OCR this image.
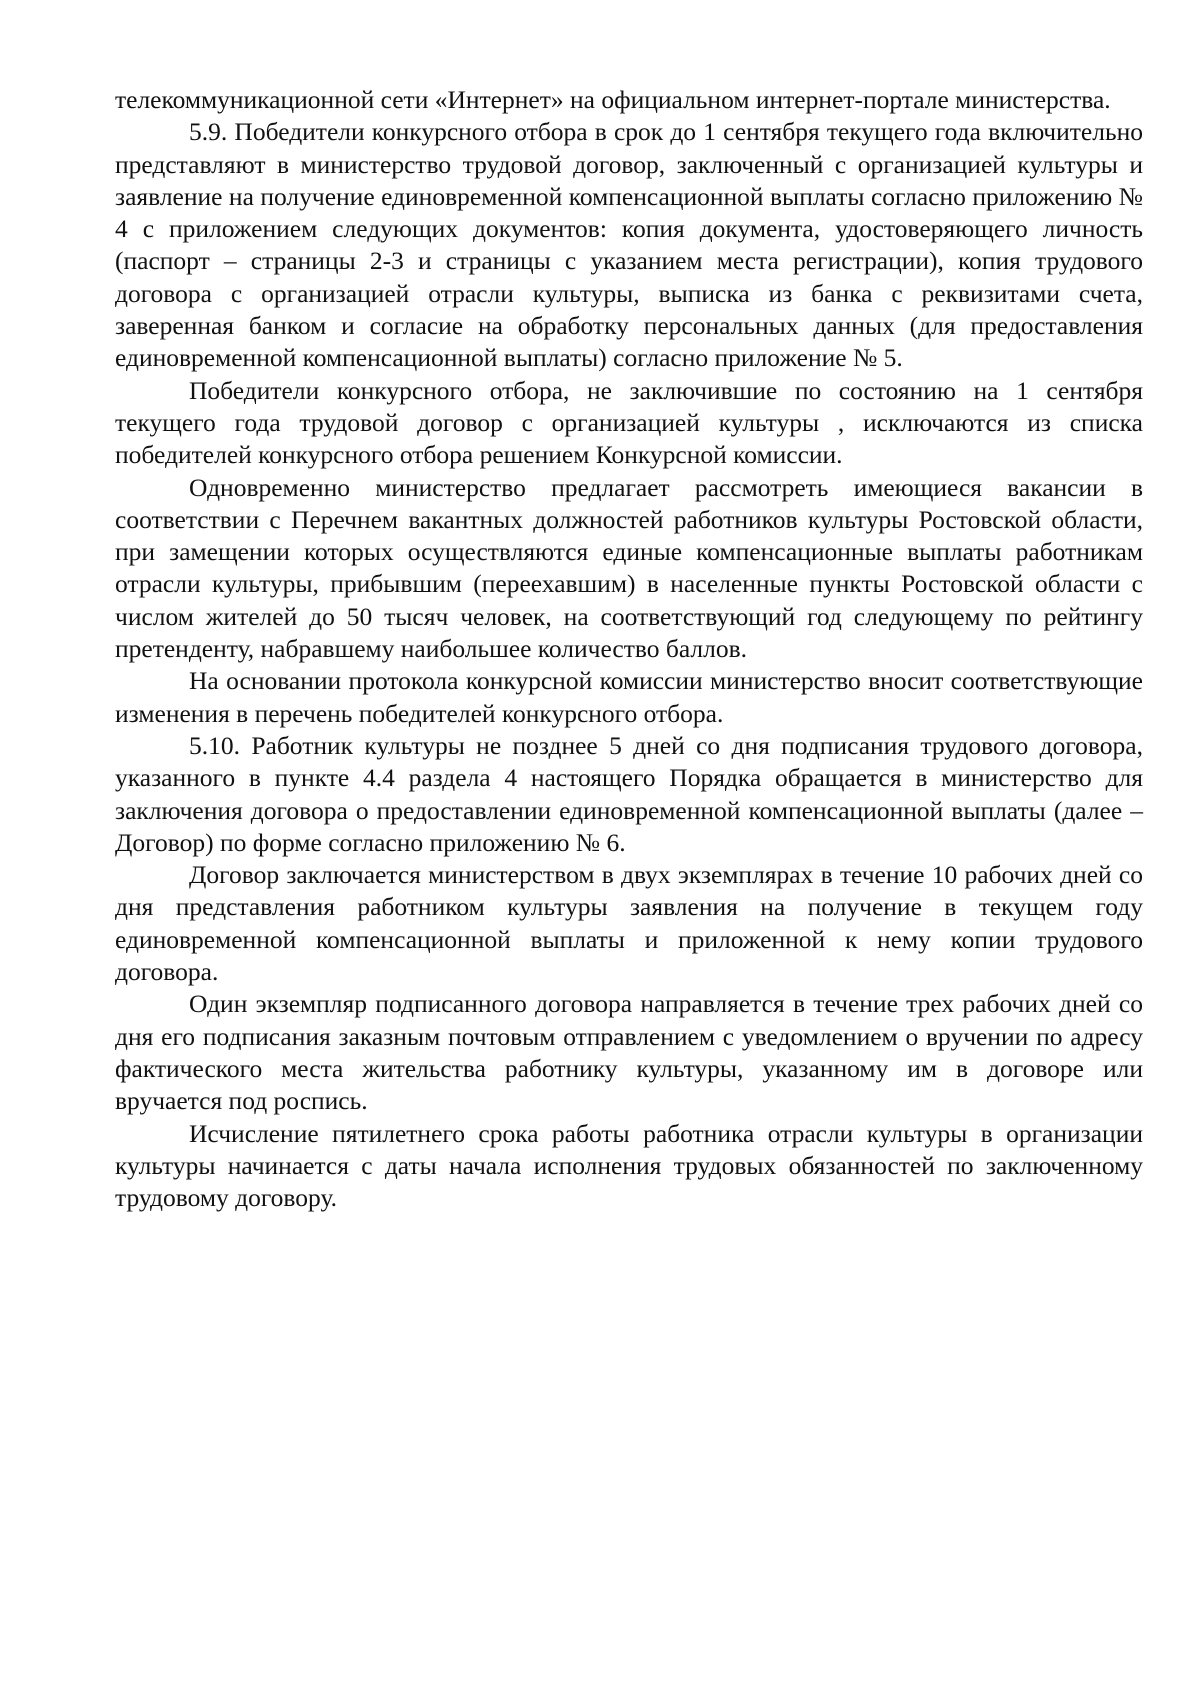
телекоммуникационной сети «Интернет» на официальном интернет-портале министерства.

5.9. Победители конкурсного отбора в срок до 1 сентября текущего года включительно представляют в министерство трудовой договор, заключенный с организацией культуры и заявление на получение единовременной компенсационной выплаты согласно приложению № 4 с приложением следующих документов: копия документа, удостоверяющего личность (паспорт – страницы 2-3 и страницы с указанием места регистрации), копия трудового договора с организацией отрасли культуры, выписка из банка с реквизитами счета, заверенная банком и согласие на обработку персональных данных (для предоставления единовременной компенсационной выплаты) согласно приложение № 5.

Победители конкурсного отбора, не заключившие по состоянию на 1 сентября текущего года трудовой договор с организацией культуры , исключаются из списка победителей конкурсного отбора решением Конкурсной комиссии.

Одновременно министерство предлагает рассмотреть имеющиеся вакансии в соответствии с Перечнем вакантных должностей работников культуры Ростовской области, при замещении которых осуществляются единые компенсационные выплаты работникам отрасли культуры, прибывшим (переехавшим) в населенные пункты Ростовской области с числом жителей до 50 тысяч человек, на соответствующий год следующему по рейтингу претенденту, набравшему наибольшее количество баллов.

На основании протокола конкурсной комиссии министерство вносит соответствующие изменения в перечень победителей конкурсного отбора.

5.10. Работник культуры не позднее 5 дней со дня подписания трудового договора, указанного в пункте 4.4 раздела 4 настоящего Порядка обращается в министерство для заключения договора о предоставлении единовременной компенсационной выплаты (далее – Договор) по форме согласно приложению № 6.

Договор заключается министерством в двух экземплярах в течение 10 рабочих дней со дня представления работником культуры заявления на получение в текущем году единовременной компенсационной выплаты и приложенной к нему копии трудового договора.

Один экземпляр подписанного договора направляется в течение трех рабочих дней со дня его подписания заказным почтовым отправлением с уведомлением о вручении по адресу фактического места жительства работнику культуры, указанному им в договоре или вручается под роспись.

Исчисление пятилетнего срока работы работника отрасли культуры в организации культуры начинается с даты начала исполнения трудовых обязанностей по заключенному трудовому договору.
